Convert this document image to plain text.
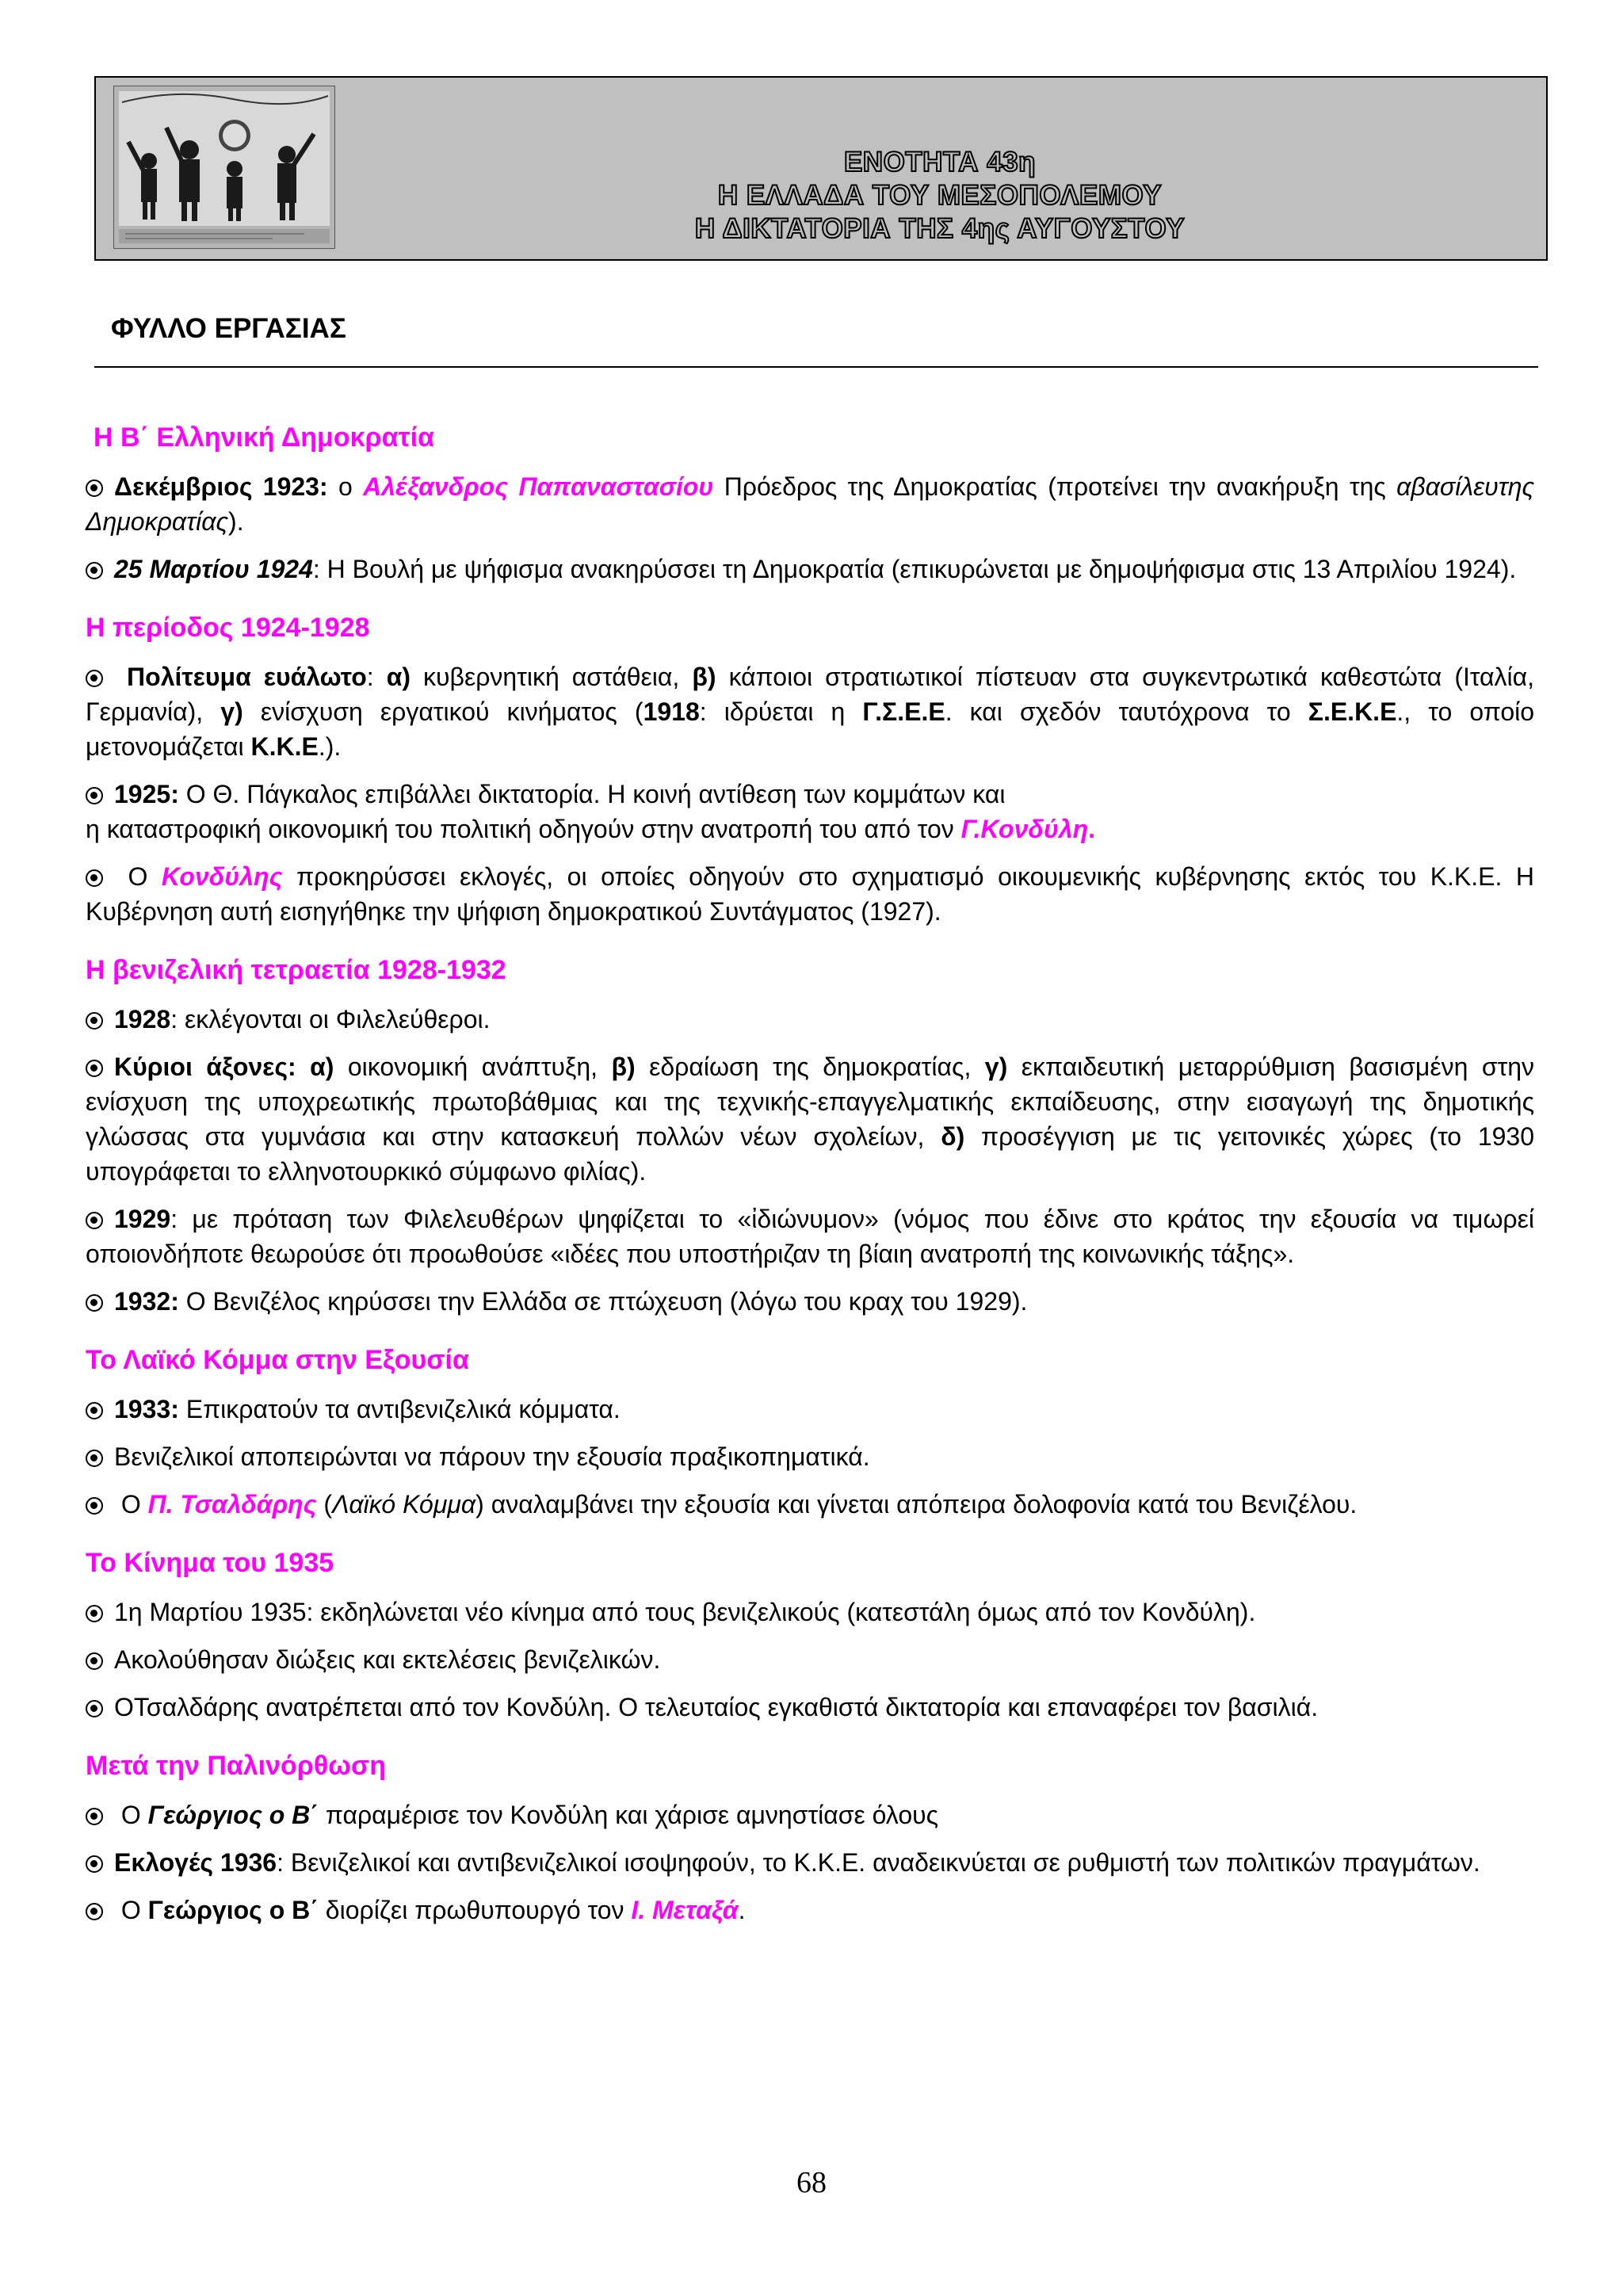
ΕΝΟΤΗΤΑ 43η
Η ΕΛΛΑΔΑ ΤΟΥ ΜΕΣΟΠΟΛΕΜΟΥ
Η ΔΙΚΤΑΤΟΡΙΑ ΤΗΣ 4ης ΑΥΓΟΥΣΤΟΥ
ΦΥΛΛΟ ΕΡΓΑΣΙΑΣ
Η Β΄ Ελληνική Δημοκρατία
Δεκέμβριος 1923: ο Αλέξανδρος Παπαναστασίου Πρόεδρος της Δημοκρατίας (προτείνει την ανακήρυξη της αβασίλευτης Δημοκρατίας).
25 Μαρτίου 1924: Η Βουλή με ψήφισμα ανακηρύσσει τη Δημοκρατία (επικυρώνεται με δημοψήφισμα στις 13 Απριλίου 1924).
Η περίοδος 1924-1928
Πολίτευμα ευάλωτο: α) κυβερνητική αστάθεια, β) κάποιοι στρατιωτικοί πίστευαν στα συγκεντρωτικά καθεστώτα (Ιταλία, Γερμανία), γ) ενίσχυση εργατικού κινήματος (1918: ιδρύεται η Γ.Σ.Ε.Ε. και σχεδόν ταυτόχρονα το Σ.Ε.Κ.Ε., το οποίο μετονομάζεται Κ.Κ.Ε.).
1925: Ο Θ. Πάγκαλος επιβάλλει δικτατορία. Η κοινή αντίθεση των κομμάτων και
η καταστροφική οικονομική του πολιτική οδηγούν στην ανατροπή του από τον Γ.Κονδύλη.
Ο Κονδύλης προκηρύσσει εκλογές, οι οποίες οδηγούν στο σχηματισμό οικουμενικής κυβέρνησης εκτός του Κ.Κ.Ε. Η Κυβέρνηση αυτή εισηγήθηκε την ψήφιση δημοκρατικού Συντάγματος (1927).
Η βενιζελική τετραετία 1928-1932
1928: εκλέγονται οι Φιλελεύθεροι.
Κύριοι άξονες: α) οικονομική ανάπτυξη, β) εδραίωση της δημοκρατίας, γ) εκπαιδευτική μεταρρύθμιση βασισμένη στην ενίσχυση της υποχρεωτικής πρωτοβάθμιας και της τεχνικής-επαγγελματικής εκπαίδευσης, στην εισαγωγή της δημοτικής γλώσσας στα γυμνάσια και στην κατασκευή πολλών νέων σχολείων, δ) προσέγγιση με τις γειτονικές χώρες (το 1930 υπογράφεται το ελληνοτουρκικό σύμφωνο φιλίας).
1929: με πρόταση των Φιλελευθέρων ψηφίζεται το «ἰδιώνυμον» (νόμος που έδινε στο κράτος την εξουσία να τιμωρεί οποιονδήποτε θεωρούσε ότι προωθούσε «ιδέες που υποστήριζαν τη βίαιη ανατροπή της κοινωνικής τάξης».
1932: Ο Βενιζέλος κηρύσσει την Ελλάδα σε πτώχευση (λόγω του κραχ του 1929).
Το Λαϊκό Κόμμα στην Εξουσία
1933: Επικρατούν τα αντιβενιζελικά κόμματα.
Βενιζελικοί αποπειρώνται να πάρουν την εξουσία πραξικοπηματικά.
Ο Π. Τσαλδάρης (Λαϊκό Κόμμα) αναλαμβάνει την εξουσία και γίνεται απόπειρα δολοφονία κατά του Βενιζέλου.
Το Κίνημα του 1935
1η Μαρτίου 1935: εκδηλώνεται νέο κίνημα από τους βενιζελικούς (κατεστάλη όμως από τον Κονδύλη).
Ακολούθησαν διώξεις και εκτελέσεις βενιζελικών.
ΟΤσαλδάρης ανατρέπεται από τον Κονδύλη. Ο τελευταίος εγκαθιστά δικτατορία και επαναφέρει τον βασιλιά.
Μετά την Παλινόρθωση
Ο Γεώργιος ο Β΄ παραμέρισε τον Κονδύλη και χάρισε αμνηστίασε όλους
Εκλογές 1936: Βενιζελικοί και αντιβενιζελικοί ισοψηφούν, το Κ.Κ.Ε. αναδεικνύεται σε ρυθμιστή των πολιτικών πραγμάτων.
Ο Γεώργιος ο Β΄ διορίζει πρωθυπουργό τον Ι. Μεταξά.
68
